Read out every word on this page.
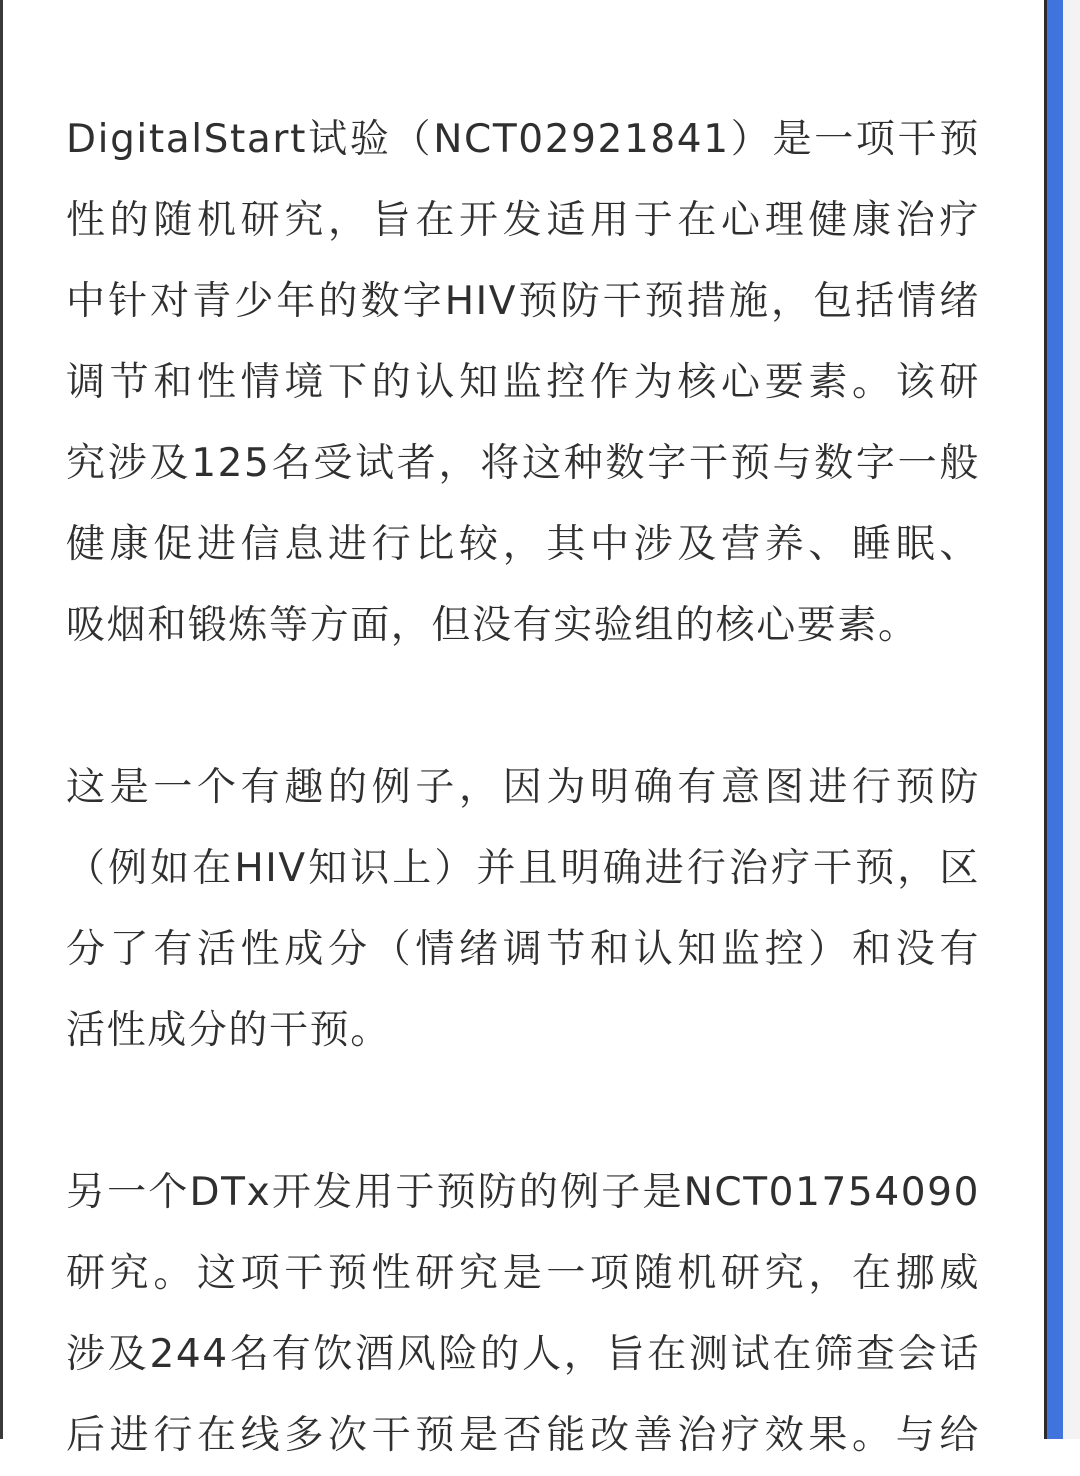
DigitalStart试验（NCT02921841）是一项干预
性的随机研究，旨在开发适用于在心理健康治疗
中针对青少年的数字HIV预防干预措施，包括情绪
调节和性情境下的认知监控作为核心要素。该研
究涉及125名受试者，将这种数字干预与数字一般
健康促进信息进行比较，其中涉及营养、睡眠、
吸烟和锻炼等方面，但没有实验组的核心要素。

这是一个有趣的例子，因为明确有意图进行预防
（例如在HIV知识上）并且明确进行治疗干预，区
分了有活性成分（情绪调节和认知监控）和没有
活性成分的干预。

另一个DTx开发用于预防的例子是NCT01754090
研究。这项干预性研究是一项随机研究，在挪威
涉及244名有饮酒风险的人，旨在测试在筛查会话
后进行在线多次干预是否能改善治疗效果。与给
